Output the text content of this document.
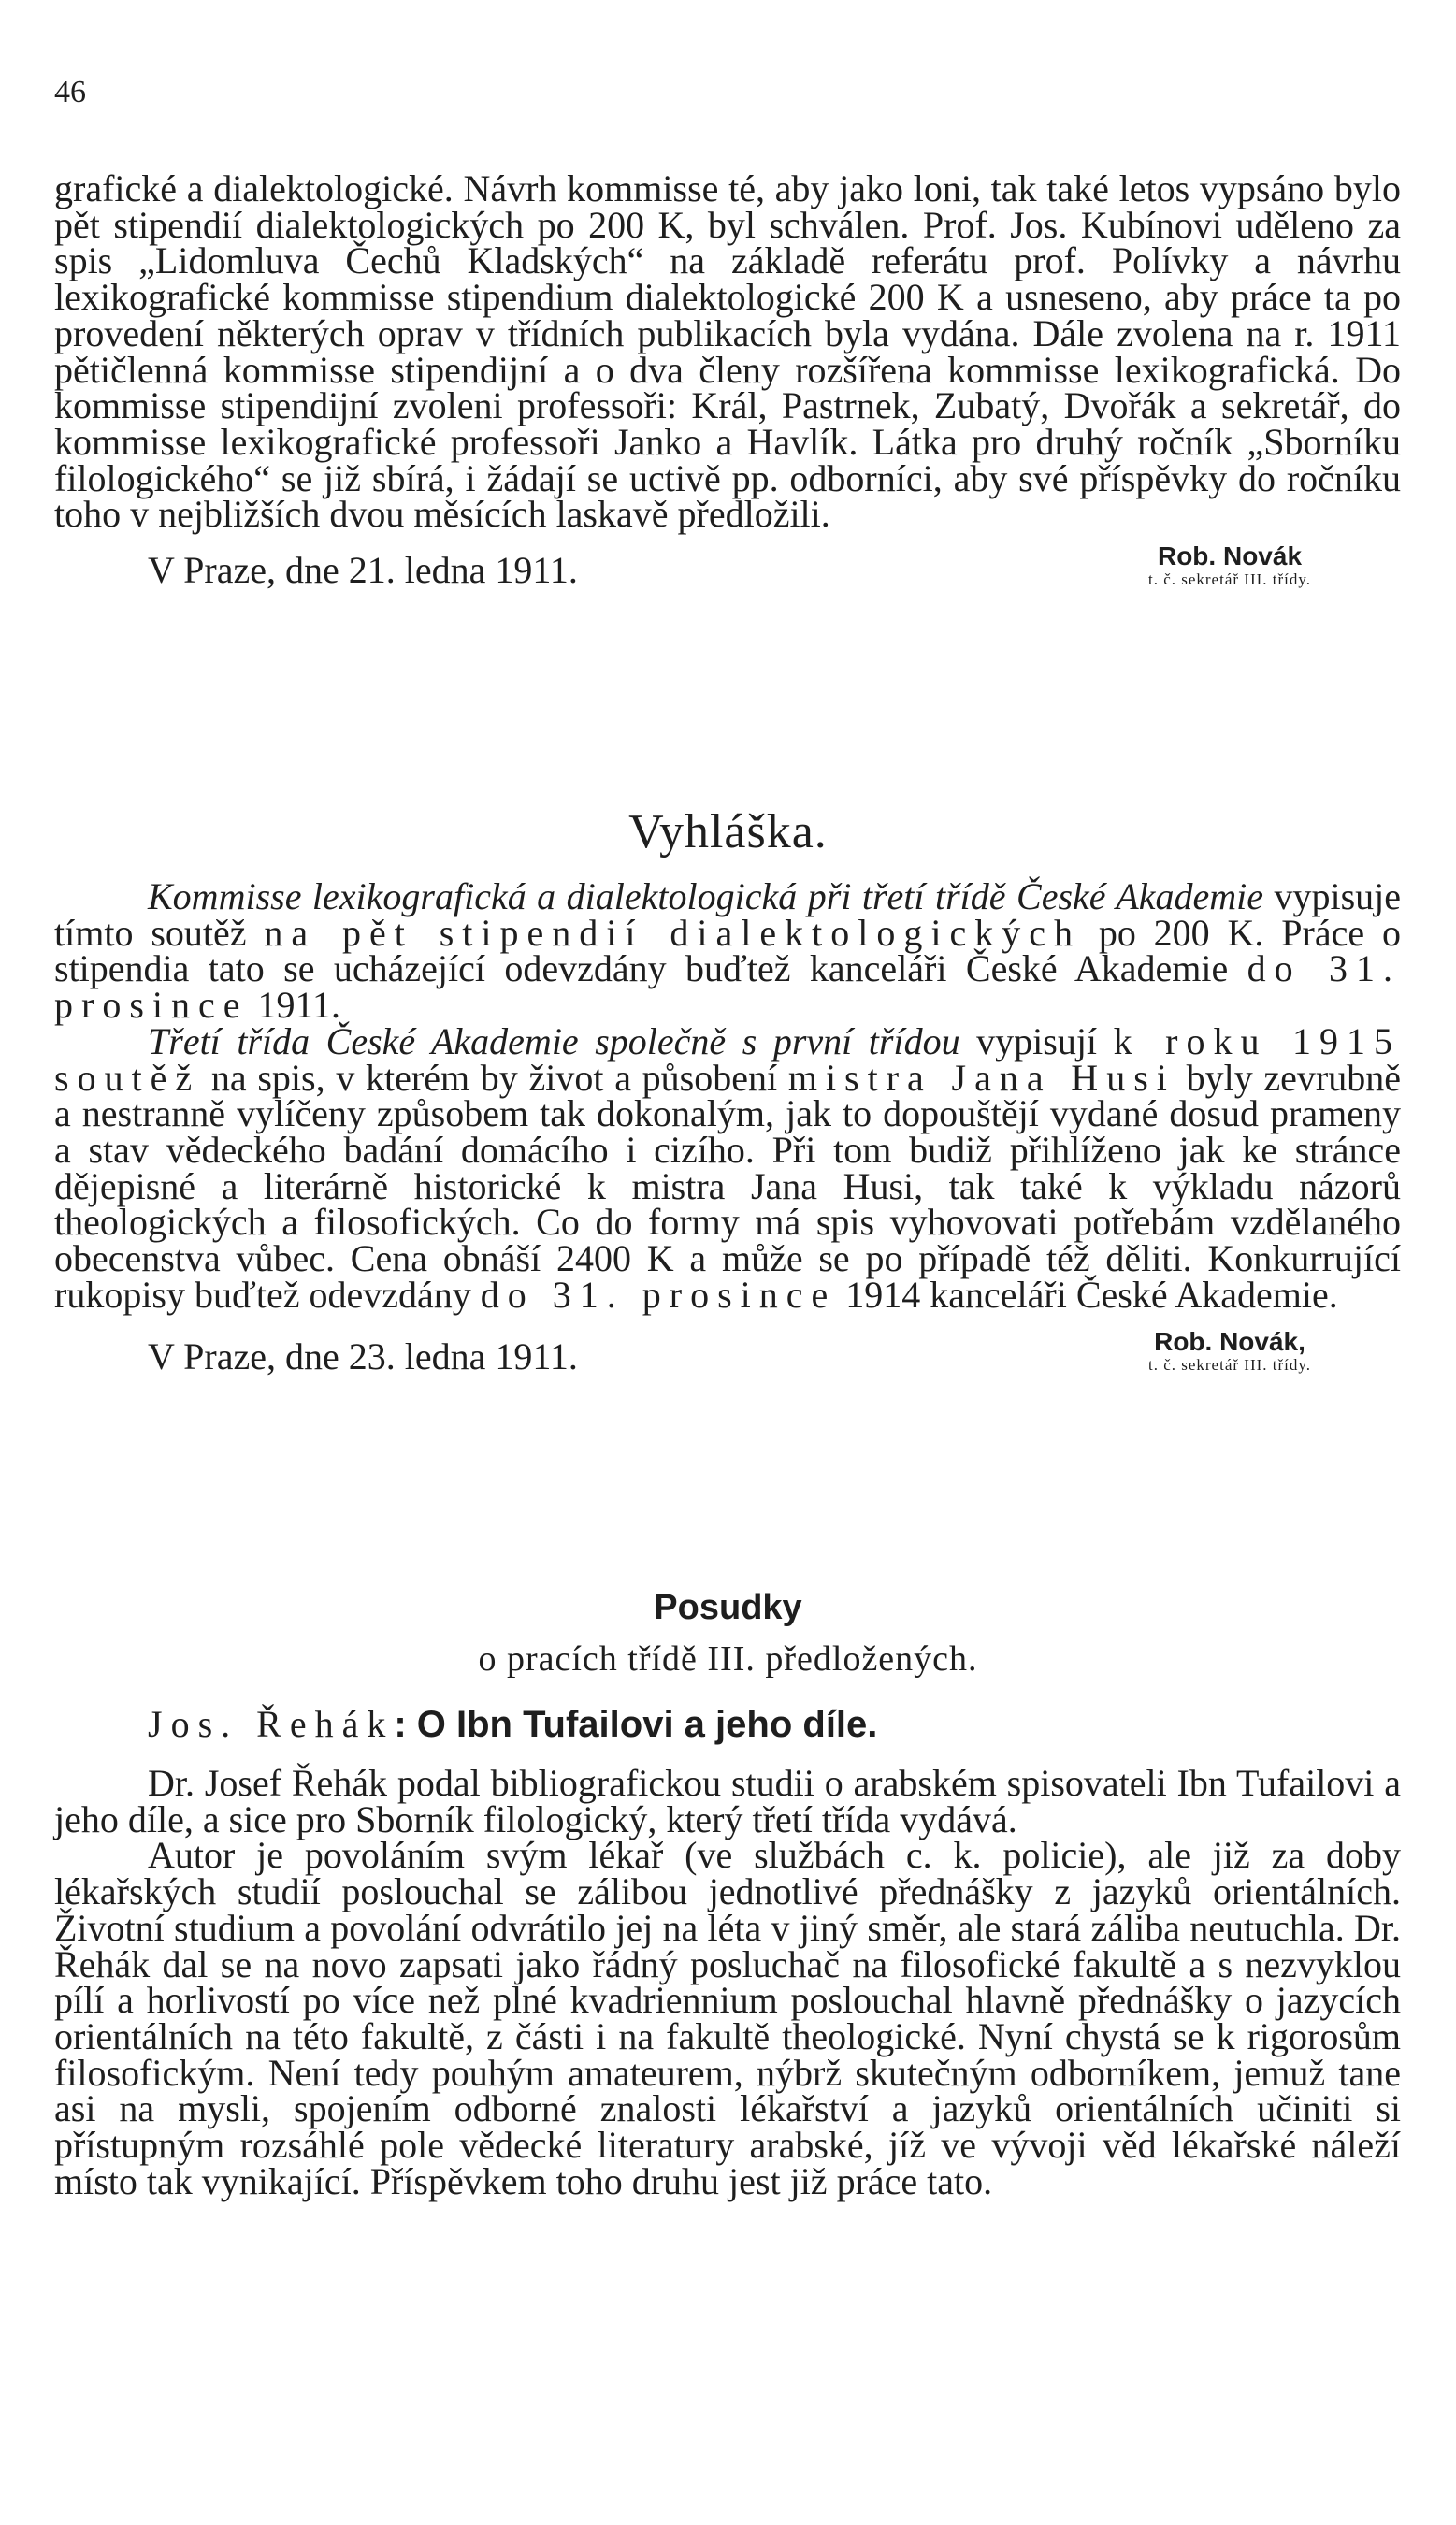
46

grafické a dialektologické. Návrh kommisse té, aby jako loni, tak také letos vypsáno bylo pět stipendií dialektologických po 200 K, byl schválen. Prof. Jos. Kubínovi uděleno za spis „Lidomluva Čechů Kladských“ na základě referátu prof. Polívky a návrhu lexikografické kommisse stipendium dialektologické 200 K a usneseno, aby práce ta po provedení některých oprav v třídních publikacích byla vydána. Dále zvolena na r. 1911 pětičlenná kommisse stipendijní a o dva členy rozšířena kommisse lexikografická. Do kommisse stipendijní zvoleni professoři: Král, Pastrnek, Zubatý, Dvořák a sekretář, do kommisse lexikografické professoři Janko a Havlík. Látka pro druhý ročník „Sborníku filologického“ se již sbírá, i žádají se uctivě pp. odborníci, aby své příspěvky do ročníku toho v nejbližších dvou měsících laskavě předložili.

V Praze, dne 21. ledna 1911.	Rob. Novák
t. č. sekretář III. třídy.
Vyhláška.

Kommisse lexikografická a dialektologická při třetí třídě České Akademie vypisuje tímto soutěž na pět stipendií dialektologických po 200 K. Práce o stipendia tato se ucházející odevzdány buďtež kanceláři České Akademie do 31. prosince 1911.

Třetí třída České Akademie společně s první třídou vypisují k roku 1915 soutěž na spis, v kterém by život a působení mistra Jana Husi byly zevrubně a nestranně vylíčeny způsobem tak dokonalým, jak to dopouštějí vydané dosud prameny a stav vědeckého badání domácího i cizího. Při tom budiž přihlíženo jak ke stránce dějepisné a literárně historické k mistra Jana Husi, tak také k výkladu názorů theologických a filosofických. Co do formy má spis vyhovovati potřebám vzdělaného obecenstva vůbec. Cena obnáší 2400 K a může se po případě též děliti. Konkurrující rukopisy buďtež odevzdány do 31. prosince 1914 kanceláři České Akademie.

V Praze, dne 23. ledna 1911.	Rob. Novák,
t. č. sekretář III. třídy.
Posudky
o pracích třídě III. předložených.
Jos. Řehák: O Ibn Tufailovi a jeho díle.

Dr. Josef Řehák podal bibliografickou studii o arabském spisovateli Ibn Tufailovi a jeho díle, a sice pro Sborník filologický, který třetí třída vydává.

Autor je povoláním svým lékař (ve službách c. k. policie), ale již za doby lékařských studií poslouchal se zálibou jednotlivé přednášky z jazyků orientálních. Životní studium a povolání odvrátilo jej na léta v jiný směr, ale stará záliba neutuchla. Dr. Řehák dal se na novo zapsati jako řádný posluchač na filosofické fakultě a s nezvyklou pílí a horlivostí po více než plné kvadriennium poslouchal hlavně přednášky o jazycích orientálních na této fakultě, z části i na fakultě theologické. Nyní chystá se k rigorosům filosofickým. Není tedy pouhým amateurem, nýbrž skutečným odborníkem, jemuž tane asi na mysli, spojením odborné znalosti lékařství a jazyků orientálních učiniti si přístupným rozsáhlé pole vědecké literatury arabské, jíž ve vývoji věd lékařské náleží místo tak vynikající. Příspěvkem toho druhu jest již práce tato.
